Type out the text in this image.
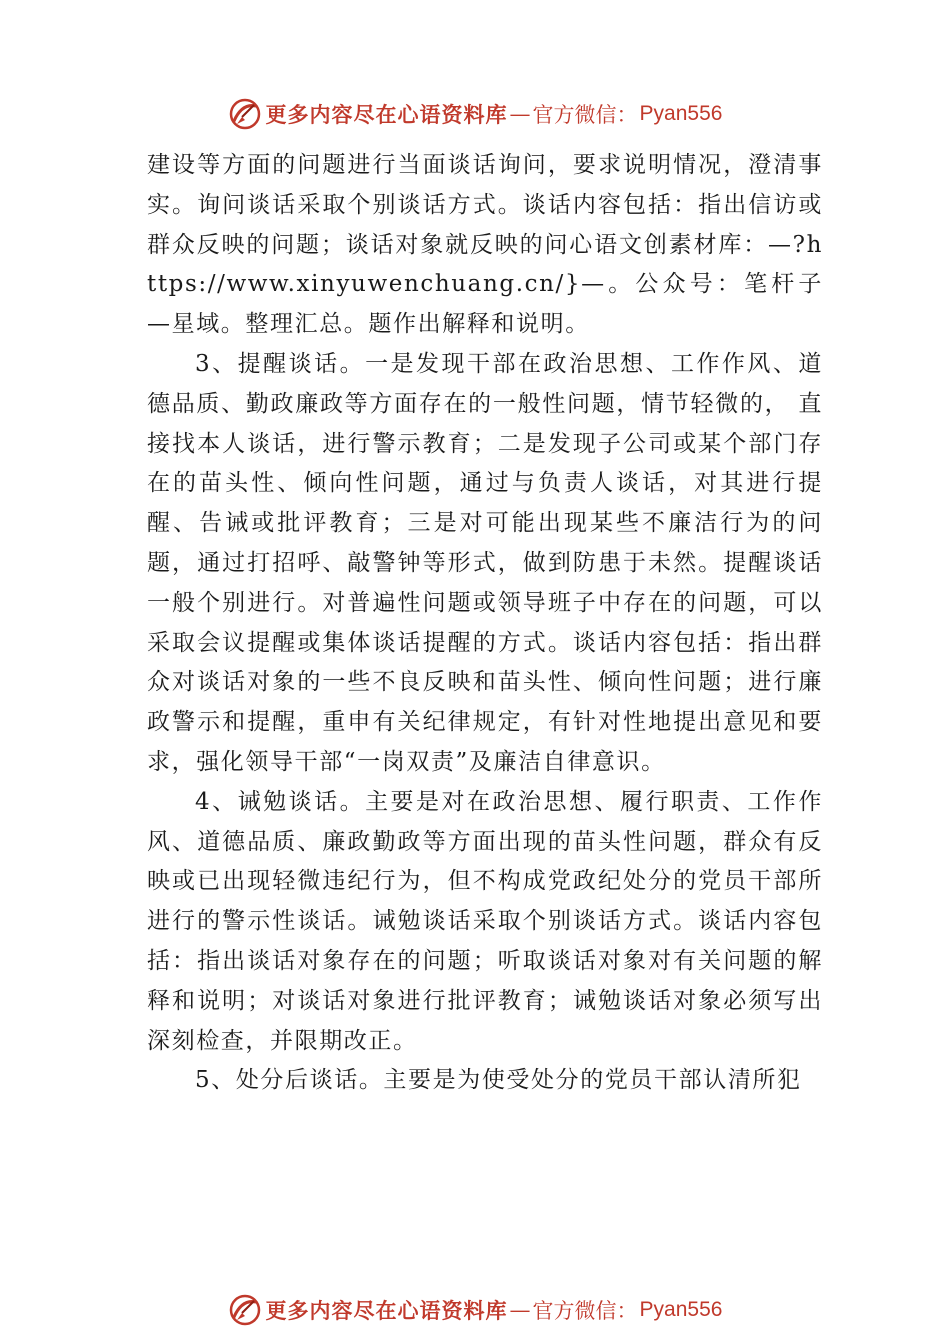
更多内容尽在心语资料库 — 官方微信： Pyan556

建设等方面的问题进行当面谈话询问，要求说明情况，澄清事实。询问谈话采取个别谈话方式。谈话内容包括：指出信访或群众反映的问题；谈话对象就反映的问心语文创素材库：—?https://www.xinyuwenchuang.cn/}—。公众号：笔杆子—星域。整理汇总。题作出解释和说明。

3、提醒谈话。一是发现干部在政治思想、工作作风、道德品质、勤政廉政等方面存在的一般性问题，情节轻微的， 直接找本人谈话，进行警示教育；二是发现子公司或某个部门存在的苗头性、倾向性问题，通过与负责人谈话，对其进行提醒、告诫或批评教育；三是对可能出现某些不廉洁行为的问题，通过打招呼、敲警钟等形式，做到防患于未然。提醒谈话一般个别进行。对普遍性问题或领导班子中存在的问题，可以采取会议提醒或集体谈话提醒的方式。谈话内容包括：指出群众对谈话对象的一些不良反映和苗头性、倾向性问题；进行廉政警示和提醒，重申有关纪律规定，有针对性地提出意见和要求，强化领导干部“一岗双责”及廉洁自律意识。

4、诫勉谈话。主要是对在政治思想、履行职责、工作作风、道德品质、廉政勤政等方面出现的苗头性问题，群众有反映或已出现轻微违纪行为，但不构成党政纪处分的党员干部所进行的警示性谈话。诫勉谈话采取个别谈话方式。谈话内容包括：指出谈话对象存在的问题；听取谈话对象对有关问题的解释和说明；对谈话对象进行批评教育；诫勉谈话对象必须写出深刻检查，并限期改正。

5、处分后谈话。主要是为使受处分的党员干部认清所犯

更多内容尽在心语资料库 — 官方微信： Pyan556
